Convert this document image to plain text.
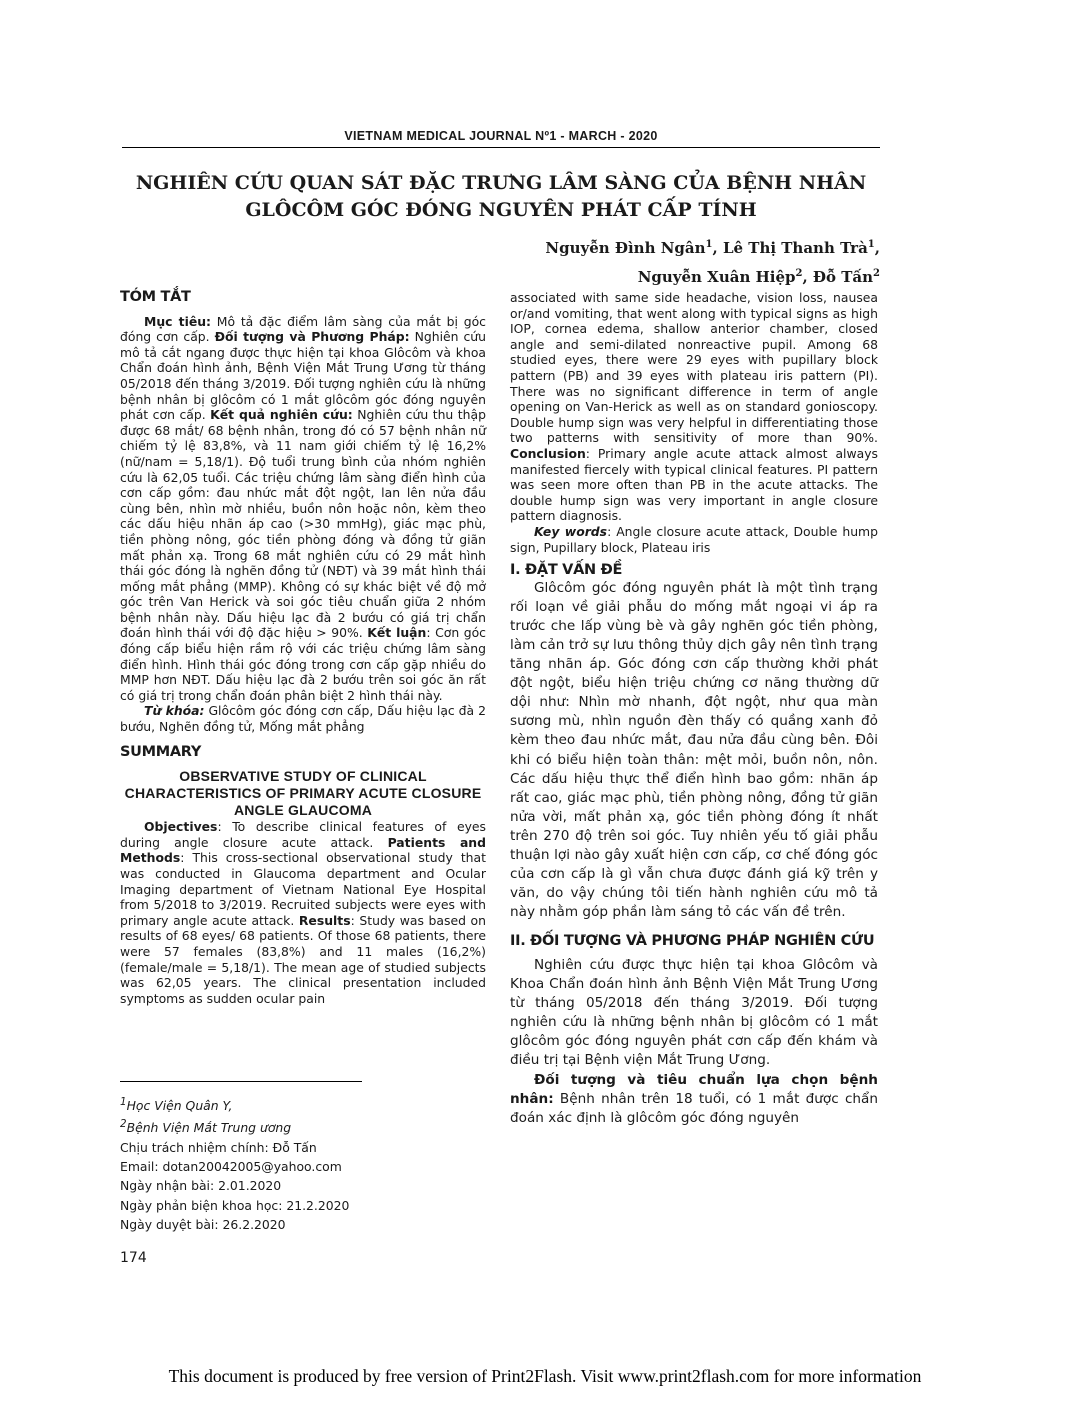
VIETNAM MEDICAL JOURNAL Nº1 - MARCH - 2020
NGHIÊN CỨU QUAN SÁT ĐẶC TRƯNG LÂM SÀNG CỦA BỆNH NHÂN
GLÔCÔM GÓC ĐÓNG NGUYÊN PHÁT CẤP TÍNH
Nguyễn Đình Ngân$^1$, Lê Thị Thanh Trà$^1$,
Nguyễn Xuân Hiệp$^2$, Đỗ Tấn$^2$
TÓM TẮT

Mục tiêu: Mô tả đặc điểm lâm sàng của mắt bị góc đóng cơn cấp. Đối tượng và Phương Pháp: Nghiên cứu mô tả cắt ngang được thực hiện tại khoa Glôcôm và khoa Chẩn đoán hình ảnh, Bệnh Viện Mắt Trung Ương từ tháng 05/2018 đến tháng 3/2019. Đối tượng nghiên cứu là những bệnh nhân bị glôcôm có 1 mắt glôcôm góc đóng nguyên phát cơn cấp. Kết quả nghiên cứu: Nghiên cứu thu thập được 68 mắt/ 68 bệnh nhân, trong đó có 57 bệnh nhân nữ chiếm tỷ lệ 83,8%, và 11 nam giới chiếm tỷ lệ 16,2% (nữ/nam = 5,18/1). Độ tuổi trung bình của nhóm nghiên cứu là 62,05 tuổi. Các triệu chứng lâm sàng điển hình của cơn cấp gồm: đau nhức mắt đột ngột, lan lên nửa đầu cùng bên, nhìn mờ nhiều, buồn nôn hoặc nôn, kèm theo các dấu hiệu nhãn áp cao (>30 mmHg), giác mạc phù, tiền phòng nông, góc tiền phòng đóng và đồng tử giãn mất phản xạ. Trong 68 mắt nghiên cứu có 29 mắt hình thái góc đóng là nghẽn đồng tử (NĐT) và 39 mắt hình thái mống mắt phẳng (MMP). Không có sự khác biệt về độ mở góc trên Van Herick và soi góc tiêu chuẩn giữa 2 nhóm bệnh nhân này. Dấu hiệu lạc đà 2 bướu có giá trị chẩn đoán hình thái với độ đặc hiệu > 90%. Kết luận: Cơn góc đóng cấp biểu hiện rầm rộ với các triệu chứng lâm sàng điển hình. Hình thái góc đóng trong cơn cấp gặp nhiều do MMP hơn NĐT. Dấu hiệu lạc đà 2 bướu trên soi góc ăn rất có giá trị trong chẩn đoán phân biệt 2 hình thái này.

Từ khóa: Glôcôm góc đóng cơn cấp, Dấu hiệu lạc đà 2 bướu, Nghẽn đồng tử, Mống mắt phẳng

SUMMARY

OBSERVATIVE STUDY OF CLINICAL CHARACTERISTICS OF PRIMARY ACUTE CLOSURE ANGLE GLAUCOMA

Objectives: To describe clinical features of eyes during angle closure acute attack. Patients and Methods: This cross-sectional observational study that was conducted in Glaucoma department and Ocular Imaging department of Vietnam National Eye Hospital from 5/2018 to 3/2019. Recruited subjects were eyes with primary angle acute attack. Results: Study was based on results of 68 eyes/ 68 patients. Of those 68 patients, there were 57 females (83,8%) and 11 males (16,2%) (female/male = 5,18/1). The mean age of studied subjects was 62,05 years. The clinical presentation included symptoms as sudden ocular pain

$^1$Học Viện Quân Y,
$^2$Bệnh Viện Mắt Trung ương
Chịu trách nhiệm chính: Đỗ Tấn
Email: dotan20042005@yahoo.com
Ngày nhận bài: 2.01.2020
Ngày phản biện khoa học: 21.2.2020
Ngày duyệt bài: 26.2.2020

associated with same side headache, vision loss, nausea or/and vomiting, that went along with typical signs as high IOP, cornea edema, shallow anterior chamber, closed angle and semi-dilated nonreactive pupil. Among 68 studied eyes, there were 29 eyes with pupillary block pattern (PB) and 39 eyes with plateau iris pattern (PI). There was no significant difference in term of angle opening on Van-Herick as well as on standard gonioscopy. Double hump sign was very helpful in differentiating those two patterns with sensitivity of more than 90%. Conclusion: Primary angle acute attack almost always manifested fiercely with typical clinical features. PI pattern was seen more often than PB in the acute attacks. The double hump sign was very important in angle closure pattern diagnosis.

Key words: Angle closure acute attack, Double hump sign, Pupillary block, Plateau iris

I. ĐẶT VẤN ĐỀ

Glôcôm góc đóng nguyên phát là một tình trạng rối loạn về giải phẫu do mống mắt ngoại vi áp ra trước che lấp vùng bè và gây nghẽn góc tiền phòng, làm cản trở sự lưu thông thủy dịch gây nên tình trạng tăng nhãn áp. Góc đóng cơn cấp thường khởi phát đột ngột, biểu hiện triệu chứng cơ năng thường dữ dội như: Nhìn mờ nhanh, đột ngột, như qua màn sương mù, nhìn nguồn đèn thấy có quầng xanh đỏ kèm theo đau nhức mắt, đau nửa đầu cùng bên. Đôi khi có biểu hiện toàn thân: mệt mỏi, buồn nôn, nôn. Các dấu hiệu thực thể điển hình bao gồm: nhãn áp rất cao, giác mạc phù, tiền phòng nông, đồng tử giãn nửa vời, mất phản xạ, góc tiền phòng đóng ít nhất trên 270 độ trên soi góc. Tuy nhiên yếu tố giải phẫu thuận lợi nào gây xuất hiện cơn cấp, cơ chế đóng góc của cơn cấp là gì vẫn chưa được đánh giá kỹ trên y văn, do vậy chúng tôi tiến hành nghiên cứu mô tả này nhằm góp phần làm sáng tỏ các vấn đề trên.

II. ĐỐI TƯỢNG VÀ PHƯƠNG PHÁP NGHIÊN CỨU

Nghiên cứu được thực hiện tại khoa Glôcôm và Khoa Chẩn đoán hình ảnh Bệnh Viện Mắt Trung Ương từ tháng 05/2018 đến tháng 3/2019. Đối tượng nghiên cứu là những bệnh nhân bị glôcôm có 1 mắt glôcôm góc đóng nguyên phát cơn cấp đến khám và điều trị tại Bệnh viện Mắt Trung Ương.

Đối tượng và tiêu chuẩn lựa chọn bệnh nhân: Bệnh nhân trên 18 tuổi, có 1 mắt được chẩn đoán xác định là glôcôm góc đóng nguyên

174
This document is produced by free version of Print2Flash. Visit www.print2flash.com for more information
